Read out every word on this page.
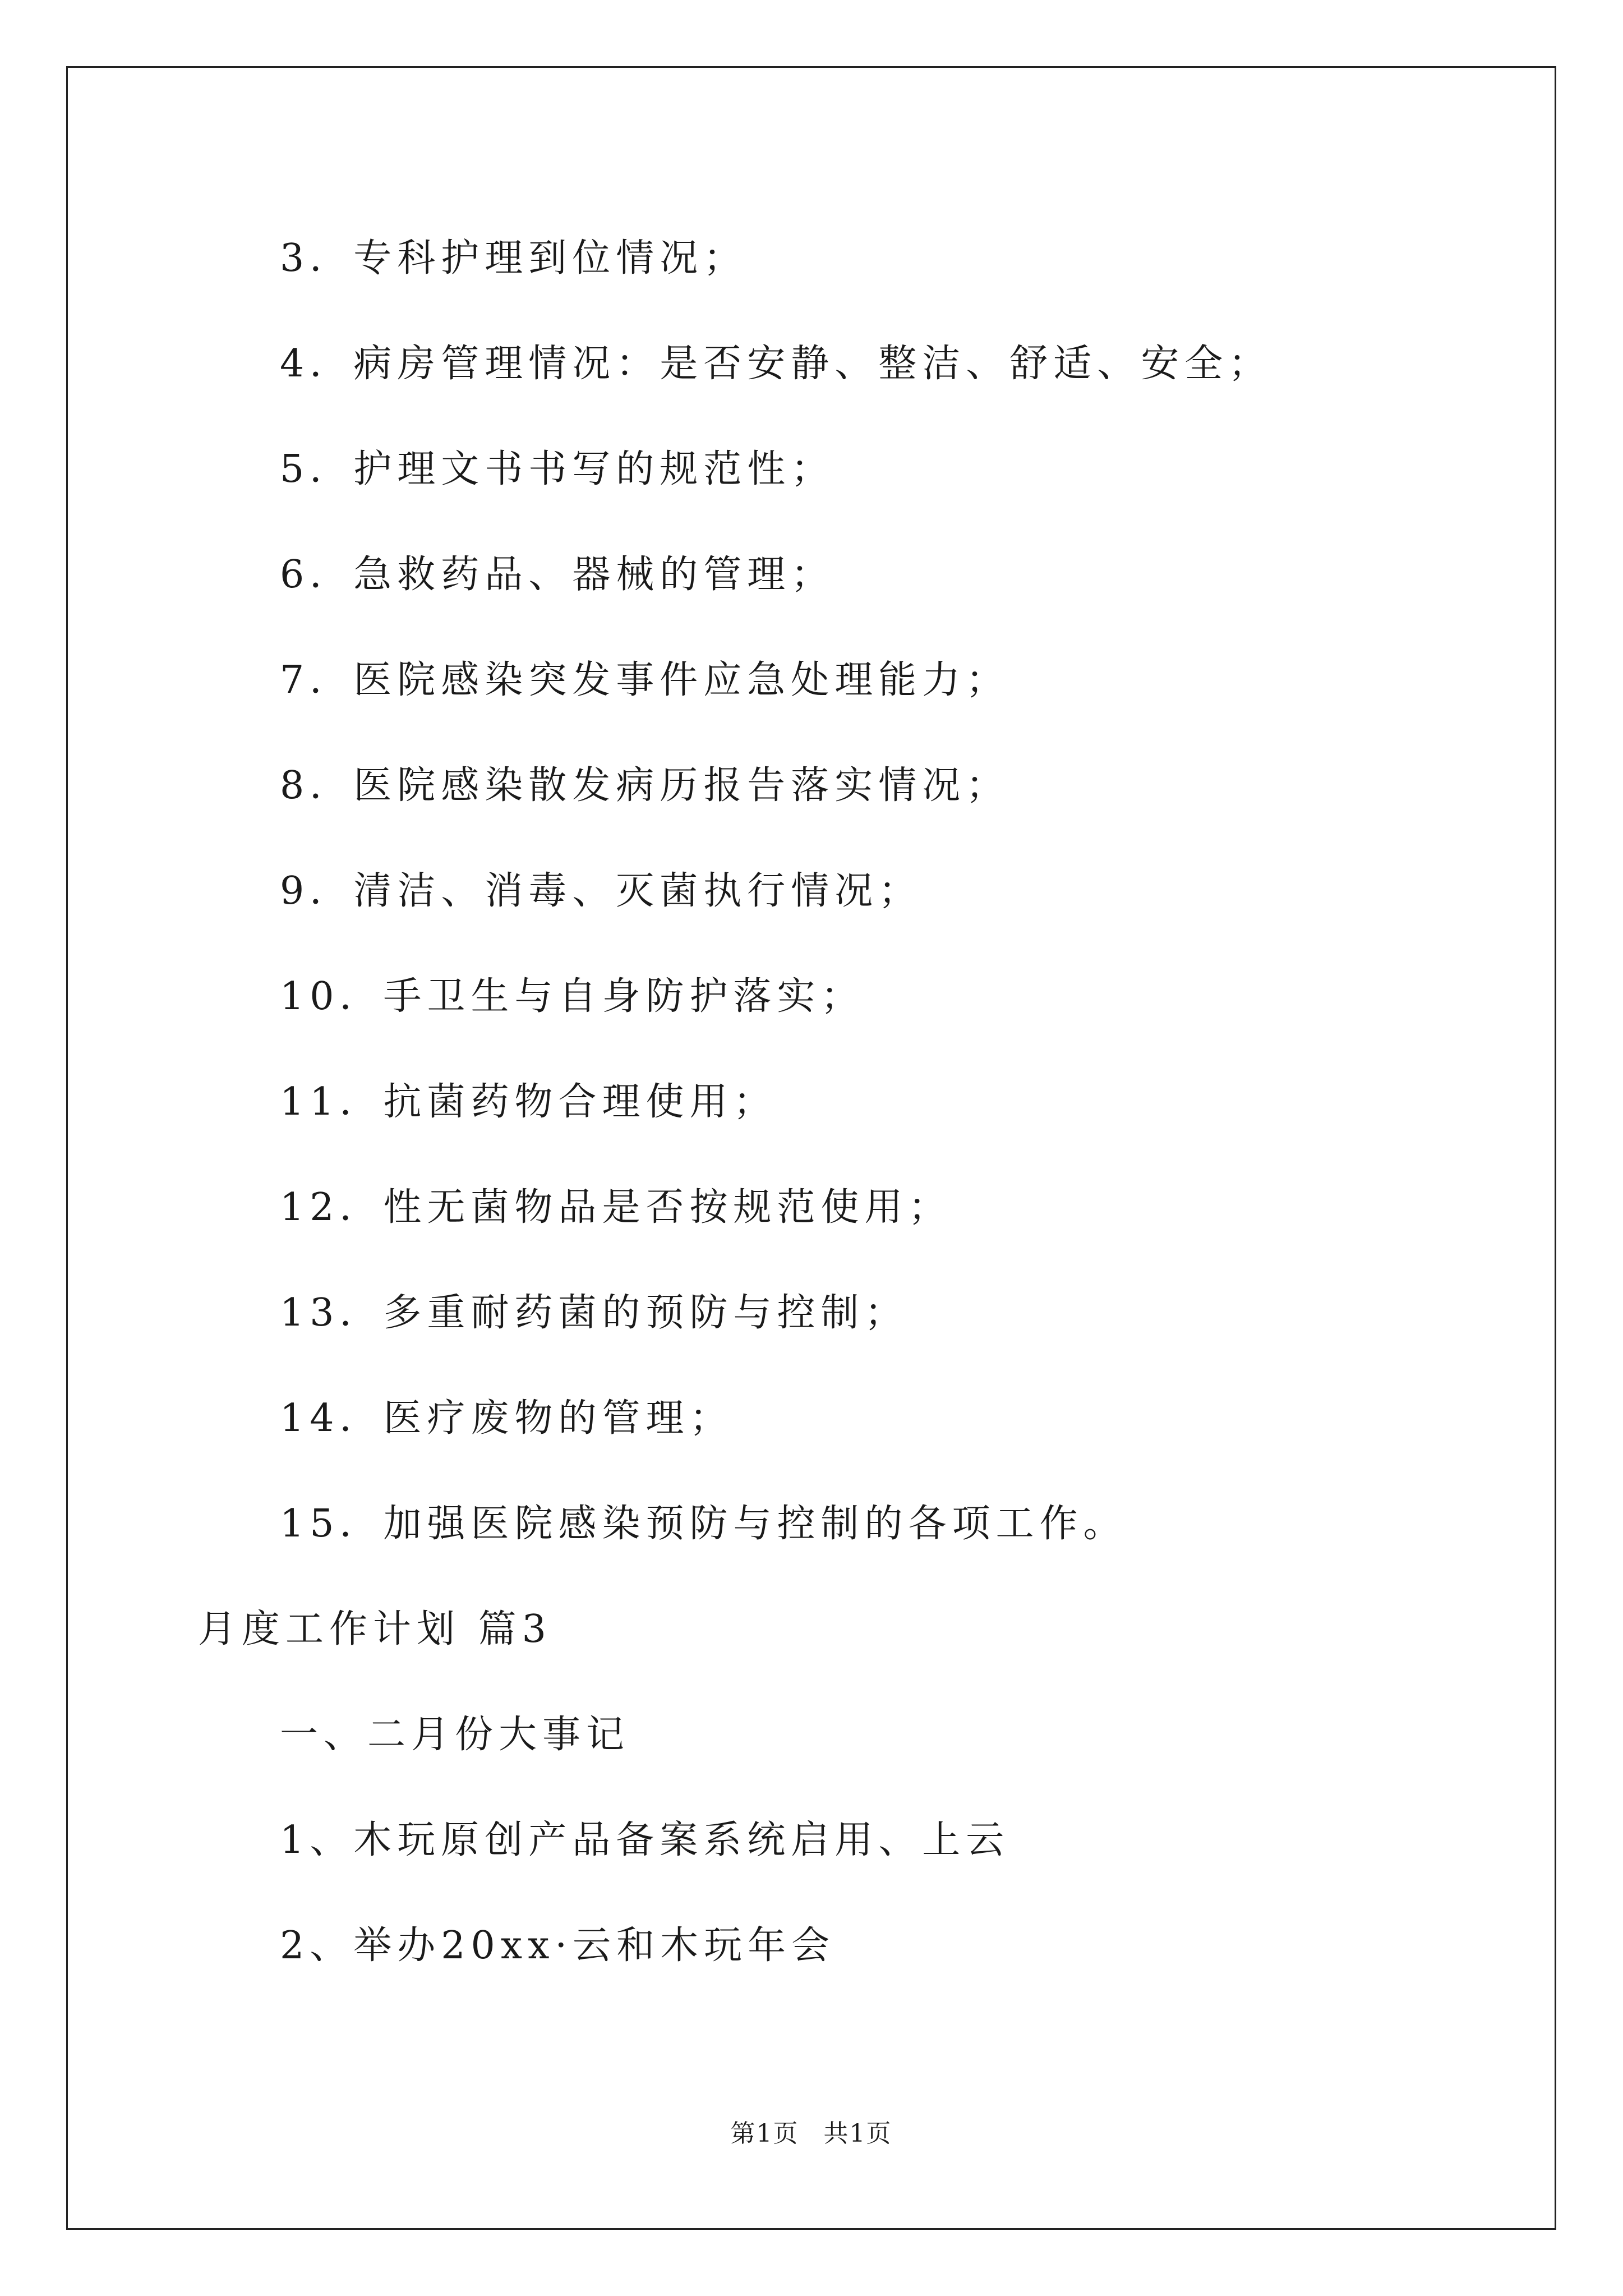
3．专科护理到位情况；
4．病房管理情况：是否安静、整洁、舒适、安全；
5．护理文书书写的规范性；
6．急救药品、器械的管理；
7．医院感染突发事件应急处理能力；
8．医院感染散发病历报告落实情况；
9．清洁、消毒、灭菌执行情况；
10．手卫生与自身防护落实；
11．抗菌药物合理使用；
12．性无菌物品是否按规范使用；
13．多重耐药菌的预防与控制；
14．医疗废物的管理；
15．加强医院感染预防与控制的各项工作。
月度工作计划 篇3
一、二月份大事记
1、木玩原创产品备案系统启用、上云
2、举办20xx·云和木玩年会
第1页 共1页
